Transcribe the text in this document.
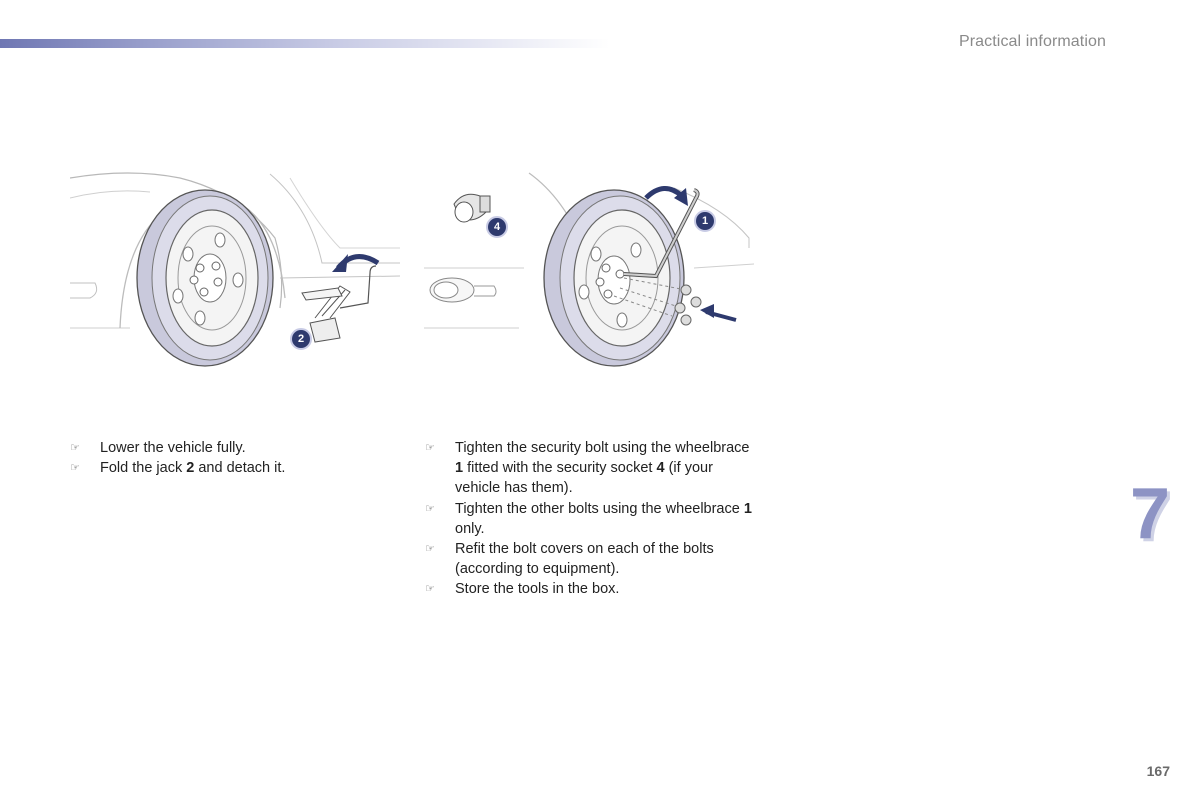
Practical information
2
1
4
☞	Lower the vehicle fully.
☞	Fold the jack 2 and detach it.
☞	Tighten the security bolt using the wheelbrace 1 fitted with the security socket 4 (if your vehicle has them).
☞	Tighten the other bolts using the wheelbrace 1 only.
☞	Refit the bolt covers on each of the bolts (according to equipment).
☞	Store the tools in the box.
7
167
